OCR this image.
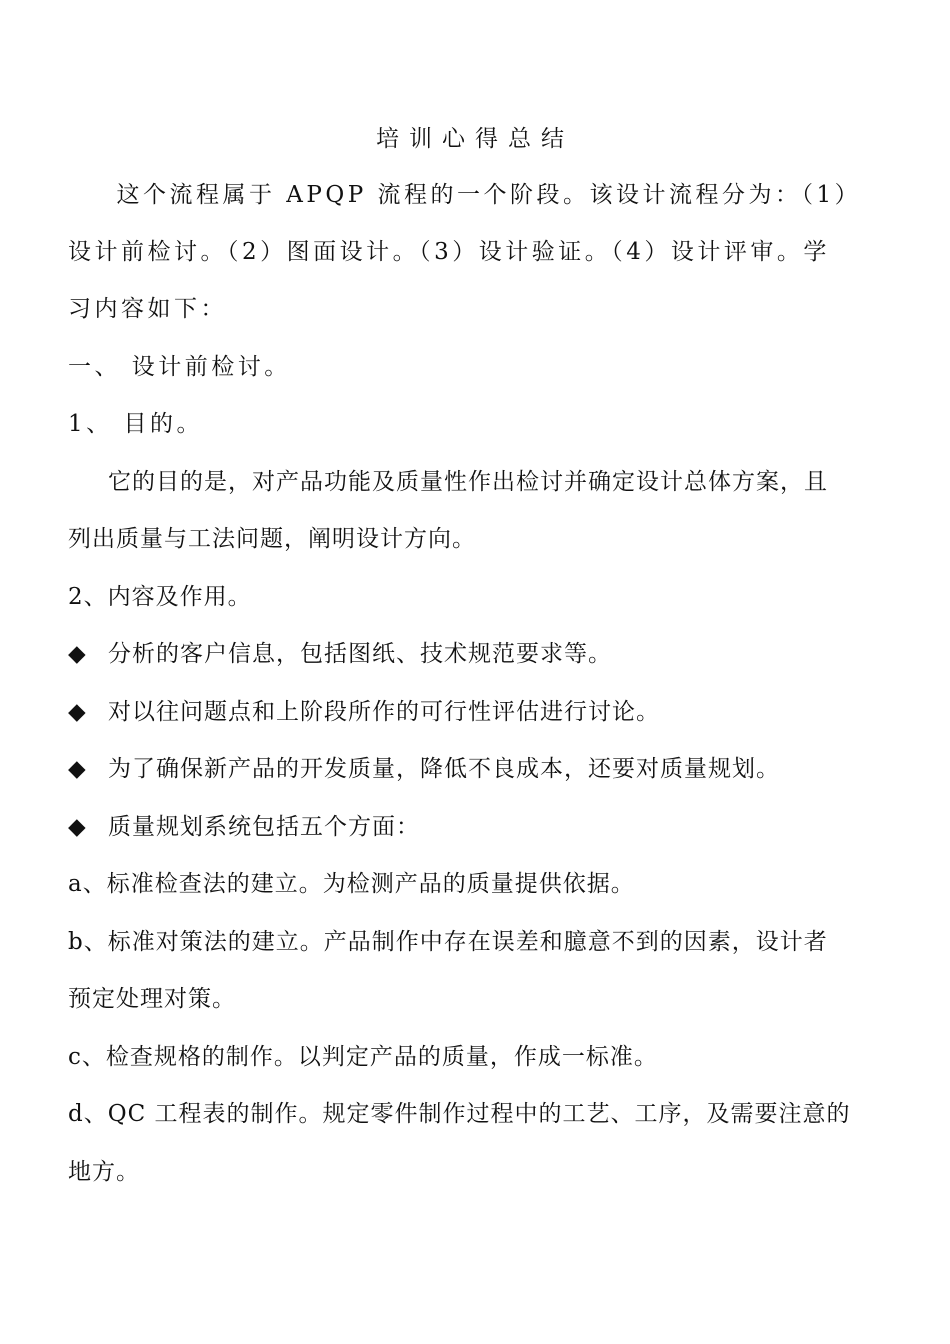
培训心得总结
　这个流程属于 APQP 流程的一个阶段。该设计流程分为：（1）
设计前检讨。（2）图面设计。（3）设计验证。（4）设计评审。学
习内容如下：
一、 设计前检讨。
1、 目的。
　它的目的是，对产品功能及质量性作出检讨并确定设计总体方案，且
列出质量与工法问题，阐明设计方向。
2、内容及作用。
◆ 分析的客户信息，包括图纸、技术规范要求等。
◆ 对以往问题点和上阶段所作的可行性评估进行讨论。
◆ 为了确保新产品的开发质量，降低不良成本，还要对质量规划。
◆ 质量规划系统包括五个方面：
a、标准检查法的建立。为检测产品的质量提供依据。
b、标准对策法的建立。产品制作中存在误差和臆意不到的因素，设计者
预定处理对策。
c、检查规格的制作。以判定产品的质量，作成一标准。
d、QC 工程表的制作。规定零件制作过程中的工艺、工序，及需要注意的
地方。
